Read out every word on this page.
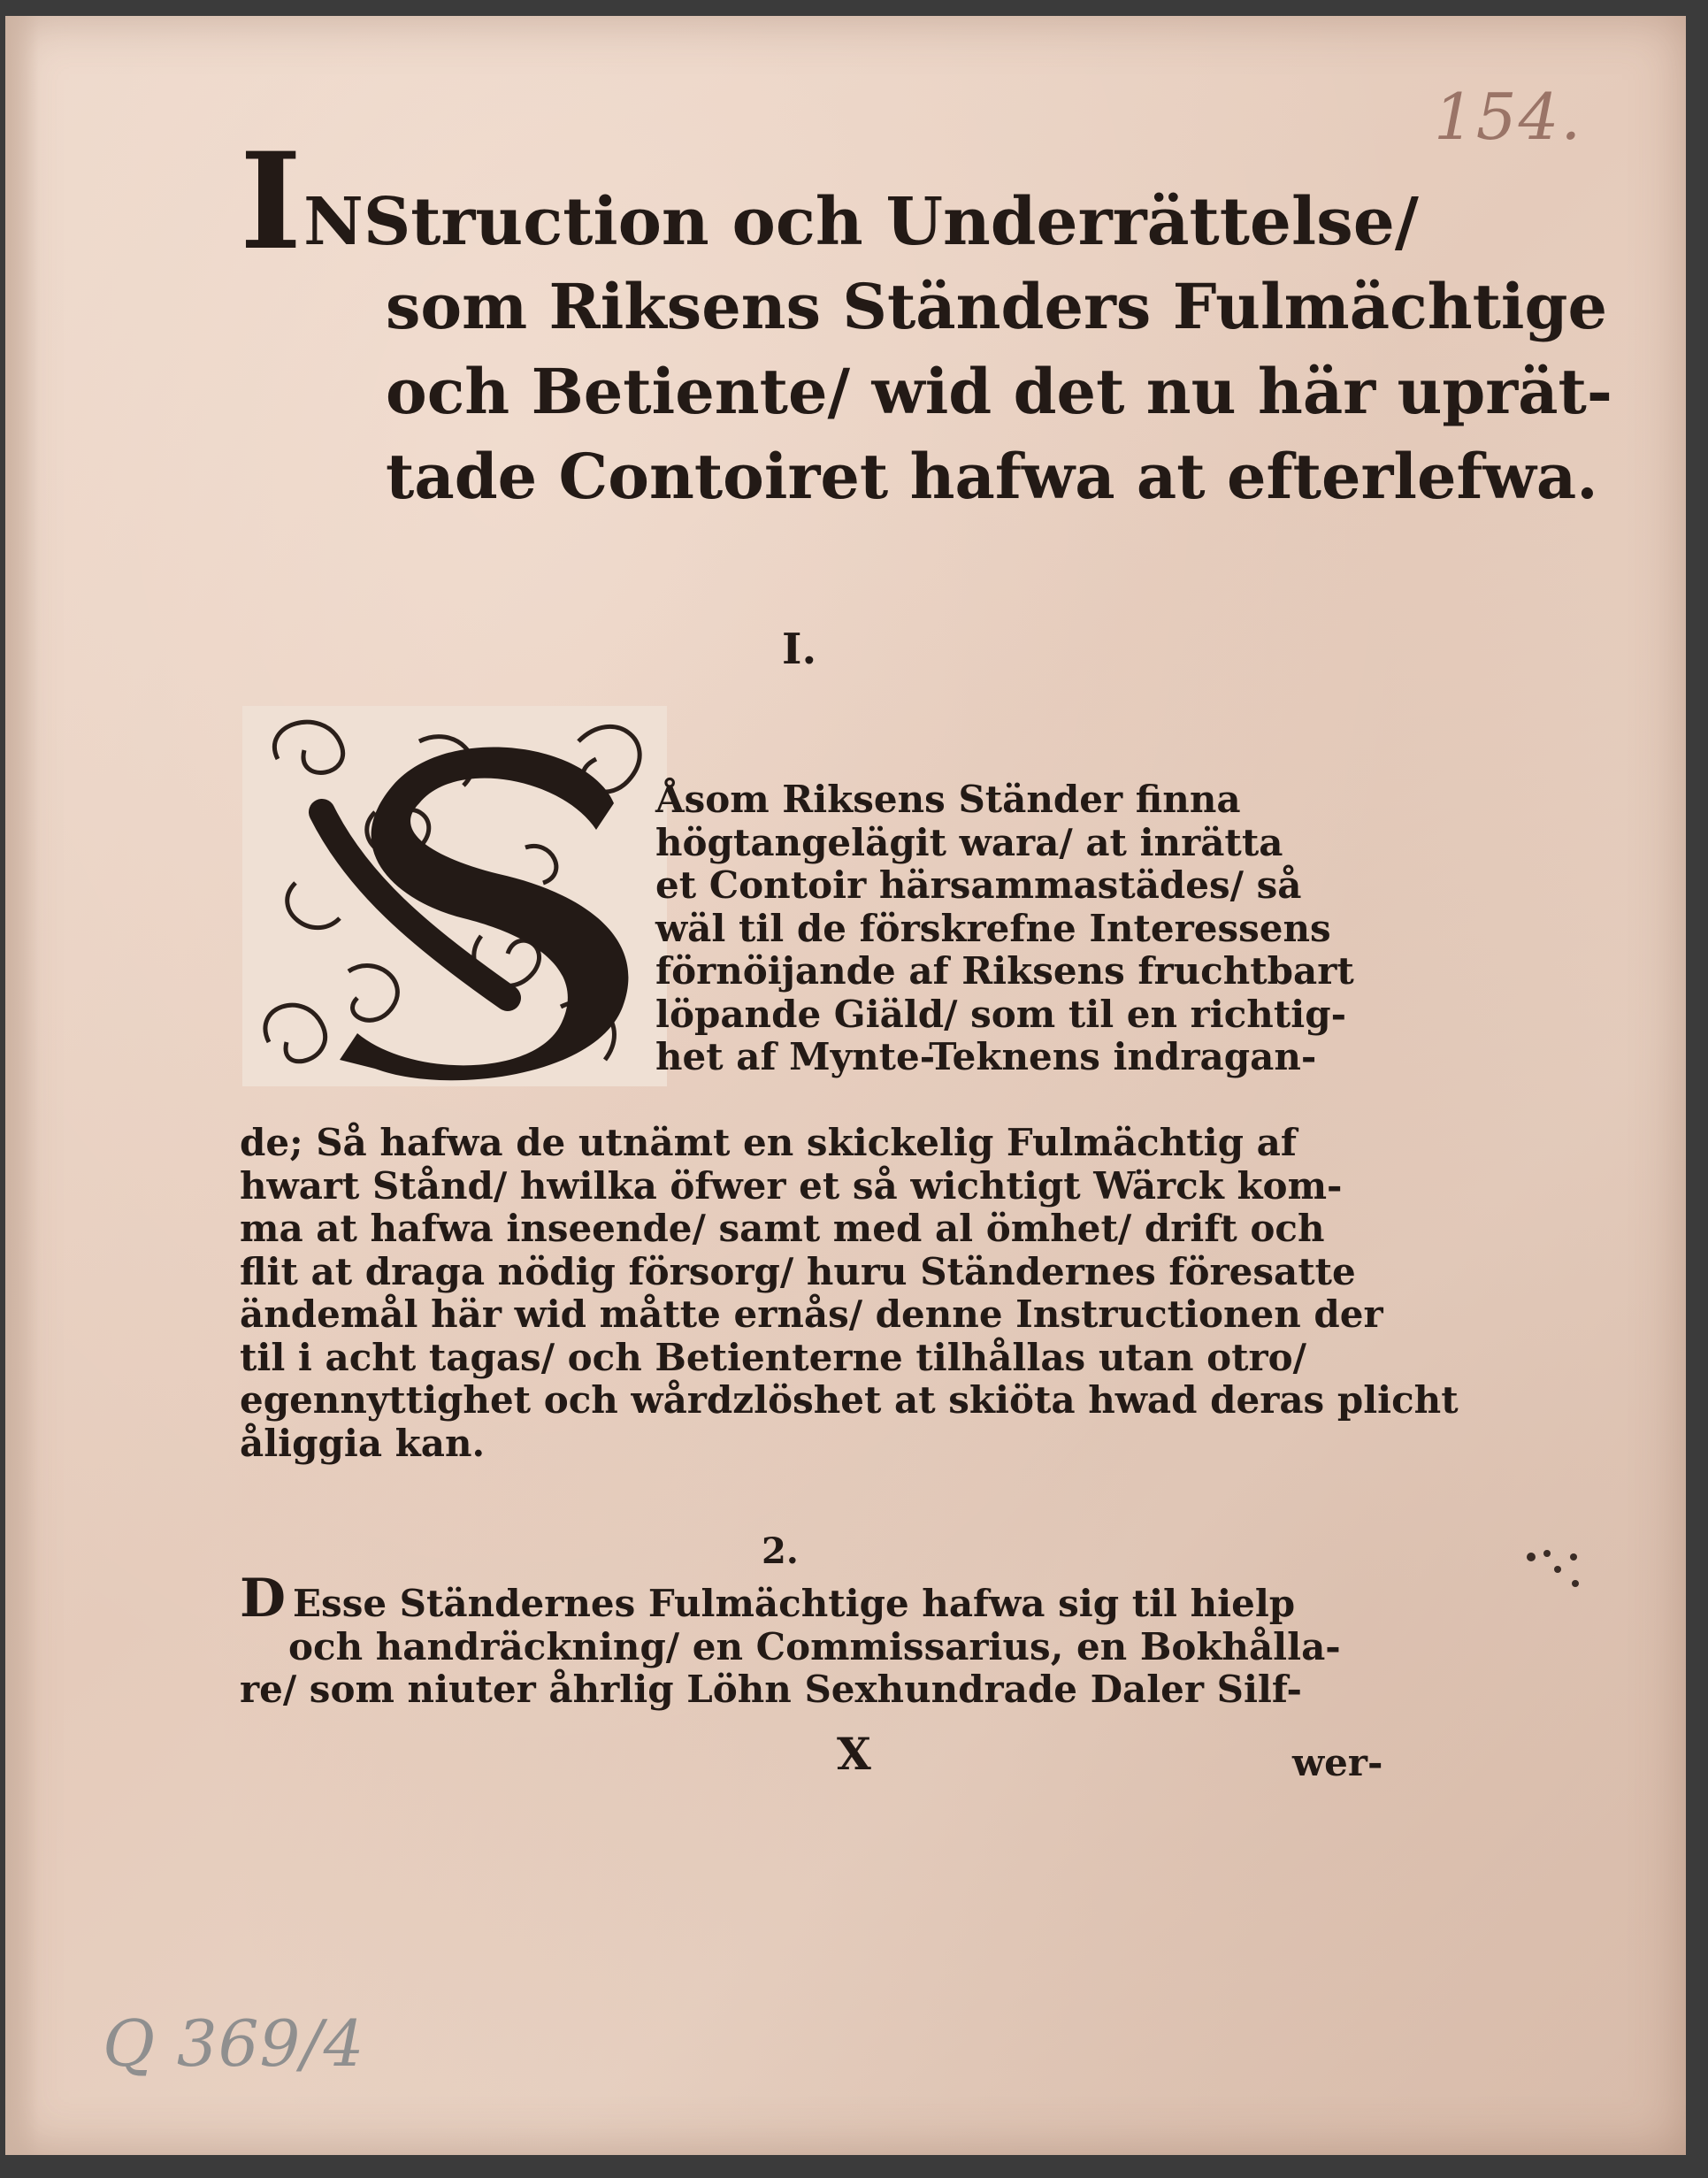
154.
INStruction och Underrättelse/
som Riksens Ständers Fulmächtige
och Betiente/ wid det nu här uprät-
tade Contoiret hafwa at efterlefwa.
I.
Åsom Riksens Ständer finna
högtangelägit wara/ at inrätta
et Contoir härsammastädes/ så
wäl til de förskrefne Interessens
förnöijande af Riksens fruchtbart
löpande Giäld/ som til en richtig-
het af Mynte-Teknens indragan-
de; Så hafwa de utnämt en skickelig Fulmächtig af
hwart Stånd/ hwilka öfwer et så wichtigt Wärck kom-
ma at hafwa inseende/ samt med al ömhet/ drift och
flit at draga nödig försorg/ huru Ständernes föresatte
ändemål här wid måtte ernås/ denne Instructionen der
til i acht tagas/ och Betienterne tilhållas utan otro/
egennyttighet och wårdzlöshet at skiöta hwad deras plicht
åliggia kan.
2.
D Esse Ständernes Fulmächtige hafwa sig til hielp
och handräckning/ en Commissarius, en Bokhålla-
re/ som niuter åhrlig Löhn Sexhundrade Daler Silf-
X	wer-
Q 369/4
